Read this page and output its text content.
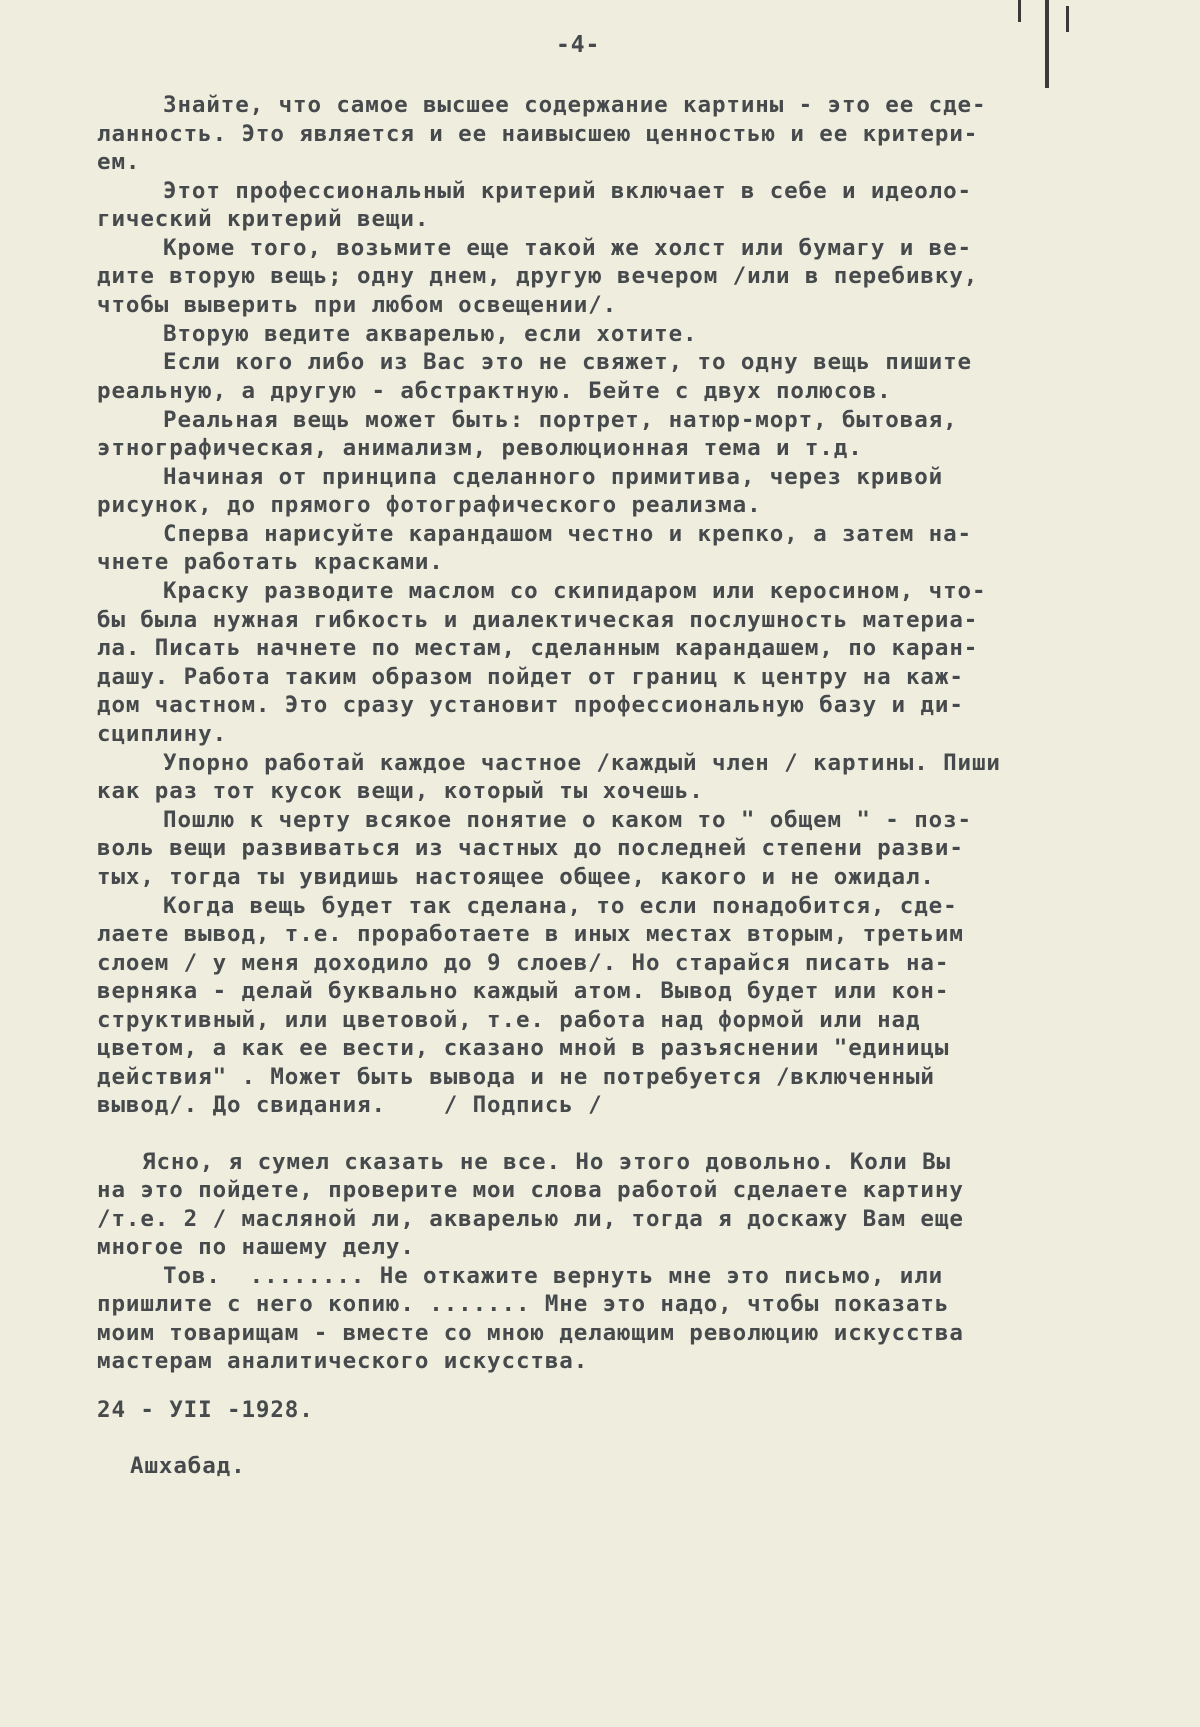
-4-
Знайте, что самое высшее содержание картины - это ее сде-
ланность. Это является и ее наивысшею ценностью и ее критери-
ем.
Этот профессиональный критерий включает в себе и идеоло-
гический критерий вещи.
Кроме того, возьмите еще такой же холст или бумагу и ве-
дите вторую вещь; одну днем, другую вечером /или в перебивку,
чтобы выверить при любом освещении/.
Вторую ведите акварелью, если хотите.
Если кого либо из Вас это не свяжет, то одну вещь пишите
реальную, а другую - абстрактную. Бейте с двух полюсов.
Реальная вещь может быть: портрет, натюр-морт, бытовая,
этнографическая, анимализм, революционная тема и т.д.
Начиная от принципа сделанного примитива, через кривой
рисунок, до прямого фотографического реализма.
Сперва нарисуйте карандашом честно и крепко, а затем на-
чнете работать красками.
Краску разводите маслом со скипидаром или керосином, что-
бы была нужная гибкость и диалектическая послушность материа-
ла. Писать начнете по местам, сделанным карандашем, по каран-
дашу. Работа таким образом пойдет от границ к центру на каж-
дом частном. Это сразу установит профессиональную базу и ди-
сциплину.
Упорно работай каждое частное /каждый член / картины. Пиши
как раз тот кусок вещи, который ты хочешь.
Пошлю к черту всякое понятие о каком то " общем " - поз-
воль вещи развиваться из частных до последней степени разви-
тых, тогда ты увидишь настоящее общее, какого и не ожидал.
Когда вещь будет так сделана, то если понадобится, сде-
лаете вывод, т.е. проработаете в иных местах вторым, третьим
слоем / у меня доходило до 9 слоев/. Но старайся писать на-
верняка - делай буквально каждый атом. Вывод будет или кон-
структивный, или цветовой, т.е. работа над формой или над
цветом, а как ее вести, сказано мной в разъяснении "единицы
действия" . Может быть вывода и не потребуется /включенный
вывод/. До свидания.    / Подпись /
Ясно, я сумел сказать не все. Но этого довольно. Коли Вы
на это пойдете, проверите мои слова работой сделаете картину
/т.е. 2 / масляной ли, акварелью ли, тогда я доскажу Вам еще
многое по нашему делу.
Тов.  ........ Не откажите вернуть мне это письмо, или
пришлите с него копию. ....... Мне это надо, чтобы показать
моим товарищам - вместе со мною делающим революцию искусства
мастерам аналитического искусства.
24 - УII -1928.
Ашхабад.
